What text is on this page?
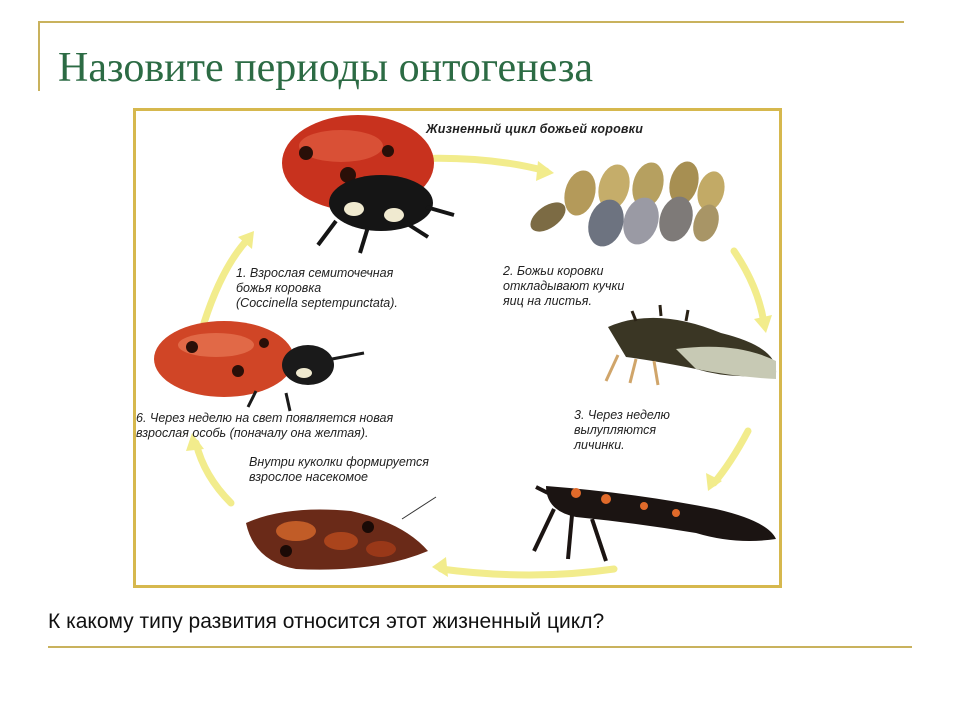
Назовите периоды онтогенеза
Жизненный цикл божьей коровки
1. Взрослая семиточечная
божья коровка
(Coccinella septempunctata).
2. Божьи коровки
откладывают кучки
яиц на листья.
3. Через неделю
вылупляются
личинки.
Внутри куколки формируется
взрослое насекомое
6. Через неделю на свет появляется новая
взрослая особь (поначалу она желтая).

К какому типу развития относится этот жизненный цикл?
